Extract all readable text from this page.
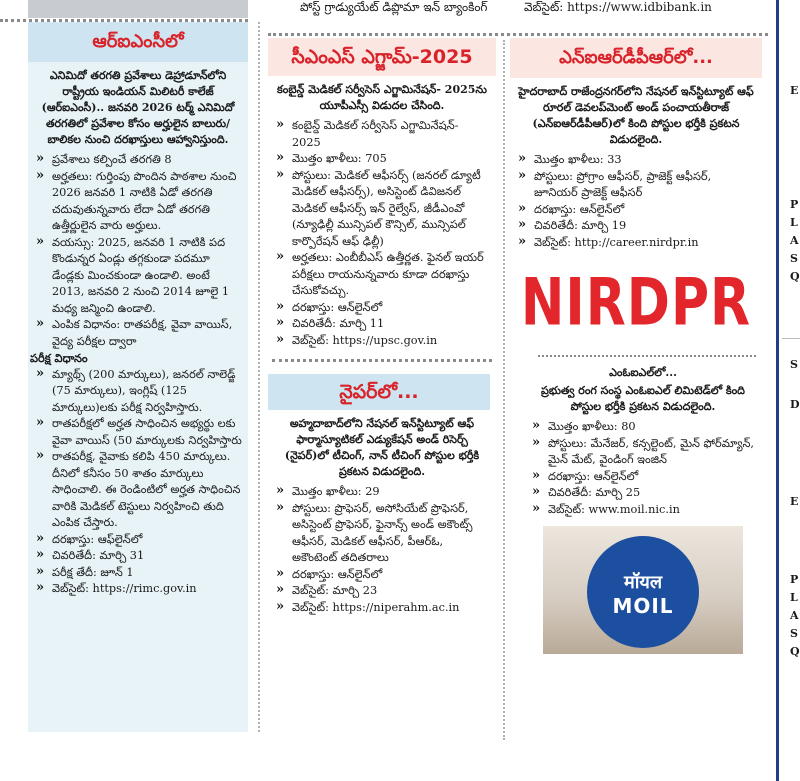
పోస్ట్ గ్రాడ్యుయేట్ డిప్లొమా ఇన్ బ్యాంకింగ్	వెబ్‌సైట్: https://www.idbibank.in
ఆర్‌ఐఎంసీలో
ఎనిమిదో తరగతి ప్రవేశాలు డెహ్రాడూన్‌లోని రాష్ట్రీయ ఇండియన్ మిలిటరీ కాలేజ్ (ఆర్‌ఐఎంసీ).. జనవరి 2026 టర్మ్ ఎనిమిదో తరగతిలో ప్రవేశాల కోసం అర్హులైన బాలురు/బాలికల నుంచి దరఖాస్తులు ఆహ్వానిస్తుంది.
» ప్రవేశాలు కల్పించే తరగతి 8
» అర్హతలు: గుర్తింపు పొందిన పాఠశాల నుంచి 2026 జనవరి 1 నాటికి ఏడో తరగతి చదువుతున్నవారు లేదా ఏడో తరగతి ఉత్తీర్ణులైన వారు అర్హులు.
» వయస్సు: 2025, జనవరి 1 నాటికి పద కొండున్నర ఏండ్లు తగ్గకుండా పదమూ డేండ్లకు మించకుండా ఉండాలి. అంటే 2013, జనవరి 2 నుంచి 2014 జూలై 1 మధ్య జన్మించి ఉండాలి.
» ఎంపిక విధానం: రాతపరీక్ష, వైవా వాయిస్, వైద్య పరీక్షల ద్వారా
పరీక్ష విధానం
» మ్యాథ్స్ (200 మార్కులు), జనరల్ నాలెడ్జ్ (75 మార్కులు), ఇంగ్లిష్ (125 మార్కులు)లకు పరీక్ష నిర్వహిస్తారు.
» రాతపరీక్షలో అర్హత సాధించిన అభ్యర్థు లకు వైవా వాయిస్ (50 మార్కులకు నిర్వహిస్తారు
» రాతపరీక్ష, వైవాకు కలిపి 450 మార్కులు. దీనిలో కనీసం 50 శాతం మార్కులు సాధించాలి. ఈ రెండింటిలో అర్హత సాధించిన వారికి మెడికల్ టెస్టులు నిర్వహించి తుది ఎంపిక చేస్తారు.
» దరఖాస్తు: ఆఫ్‌లైన్‌లో
» చివరితేదీ: మార్చి 31
» పరీక్ష తేదీ: జూన్ 1
» వెబ్‌సైట్: https://rimc.gov.in
సీఎంఎస్ ఎగ్జామ్-2025
కంబైన్డ్ మెడికల్ సర్వీసెస్ ఎగ్జామినేషన్- 2025ను యూపీఎస్సీ విడుదల చేసింది.
» కంబైన్డ్ మెడికల్ సర్వీసెస్ ఎగ్జామినేషన్- 2025
» మొత్తం ఖాళీలు: 705
» పోస్టులు: మెడికల్ ఆఫీసర్స్ (జనరల్ డ్యూటీ మెడికల్ ఆఫీసర్స్), అసిస్టెంట్ డివిజనల్ మెడికల్ ఆఫీసర్స్ ఇన్ రైల్వేస్, జీడీఎంవో (న్యూఢిల్లీ మున్సిపల్ కౌన్సిల్, మున్సిపల్ కార్పొరేషన్ ఆఫ్ ఢిల్లీ)
» అర్హతలు: ఎంబీబీఎస్ ఉత్తీర్ణత. ఫైనల్ ఇయర్ పరీక్షలు రాయనున్నవారు కూడా దరఖాస్తు చేసుకోవచ్చు.
» దరఖాస్తు: ఆన్‌లైన్‌లో
» చివరితేదీ: మార్చి 11
» వెబ్‌సైట్: https://upsc.gov.in
నైపర్‌లో...
అహ్మదాబాద్‌లోని నేషనల్ ఇన్‌స్టిట్యూట్ ఆఫ్ ఫార్మాస్యూటికల్ ఎడ్యుకేషన్ అండ్ రిసెర్చ్ (నైపర్)లో టీచింగ్, నాన్ టీచింగ్ పోస్టుల భర్తీకి ప్రకటన విడుదలైంది.
» మొత్తం ఖాళీలు: 29
» పోస్టులు: ప్రొఫెసర్, అసోసియేట్ ప్రొఫెసర్, అసిస్టెంట్ ప్రొఫెసర్, ఫైనాన్స్ అండ్ అకౌంట్స్ ఆఫీసర్, మెడికల్ ఆఫీసర్, పీఆర్‌ఓ, అకౌంటెంట్ తదితరాలు
» దరఖాస్తు: ఆన్‌లైన్‌లో
» వెబ్‌సైట్: మార్చి 23
» వెబ్‌సైట్: https://niperahm.ac.in
ఎన్‌ఐఆర్‌డీపీఆర్‌లో...
హైదరాబాద్ రాజేంద్రనగర్‌లోని నేషనల్ ఇన్‌స్టిట్యూట్ ఆఫ్ రూరల్ డెవలప్‌మెంట్ అండ్ పంచాయతీరాజ్ (ఎన్‌ఐఆర్‌డీపీఆర్)లో కింది పోస్టుల భర్తీకి ప్రకటన విడుదలైంది.
» మొత్తం ఖాళీలు: 33
» పోస్టులు: ప్రోగ్రాం ఆఫీసర్, ప్రాజెక్ట్ ఆఫీసర్, జూనియర్ ప్రాజెక్ట్ ఆఫీసర్
» దరఖాస్తు: ఆన్‌లైన్‌లో
» చివరితేదీ: మార్చి 19
» వెబ్‌సైట్: http://career.nirdpr.in
NIRDPR
ఎంఓఐఎల్‌లో...
ప్రభుత్వ రంగ సంస్థ ఎంఓఐఎల్ లిమిటెడ్‌లో కింది పోస్టుల భర్తీకి ప్రకటన విడుదలైంది.
» మొత్తం ఖాళీలు: 80
» పోస్టులు: మేనేజర్, కన్సల్టెంట్, మైన్ ఫోర్‌మ్యాన్, మైన్ మేట్, వైండింగ్ ఇంజిన్
» దరఖాస్తు: ఆన్‌లైన్‌లో
» చివరితేదీ: మార్చి 25
» వెబ్‌సైట్: www.moil.nic.in
मॉयल
MOIL
E
P
L
A
S
Q
S
D
E
P
L
A
S
Q
